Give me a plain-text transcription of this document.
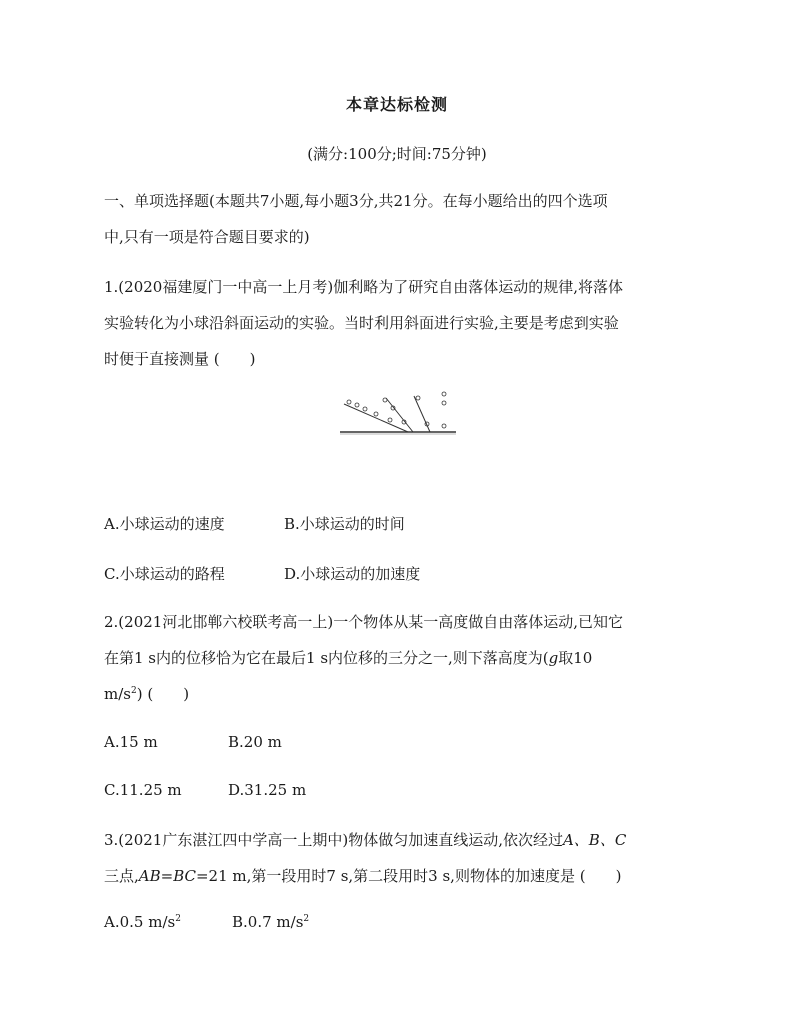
本章达标检测
(满分:100分;时间:75分钟)
一、单项选择题(本题共7小题,每小题3分,共21分。在每小题给出的四个选项
中,只有一项是符合题目要求的)
1.(2020福建厦门一中高一上月考)伽利略为了研究自由落体运动的规律,将落体
实验转化为小球沿斜面运动的实验。当时利用斜面进行实验,主要是考虑到实验
时便于直接测量 (　　)
A.小球运动的速度	B.小球运动的时间
C.小球运动的路程	D.小球运动的加速度
2.(2021河北邯郸六校联考高一上)一个物体从某一高度做自由落体运动,已知它
在第1 s内的位移恰为它在最后1 s内位移的三分之一,则下落高度为(g取10
$m/s^2$) (　　)
A.15 m	B.20 m
C.11.25 m	D.31.25 m
3.(2021广东湛江四中学高一上期中)物体做匀加速直线运动,依次经过A、B、C
三点,AB=BC=21 m,第一段用时7 s,第二段用时3 s,则物体的加速度是 (　　)
A.0.5 $m/s^2$	B.0.7 $m/s^2$
